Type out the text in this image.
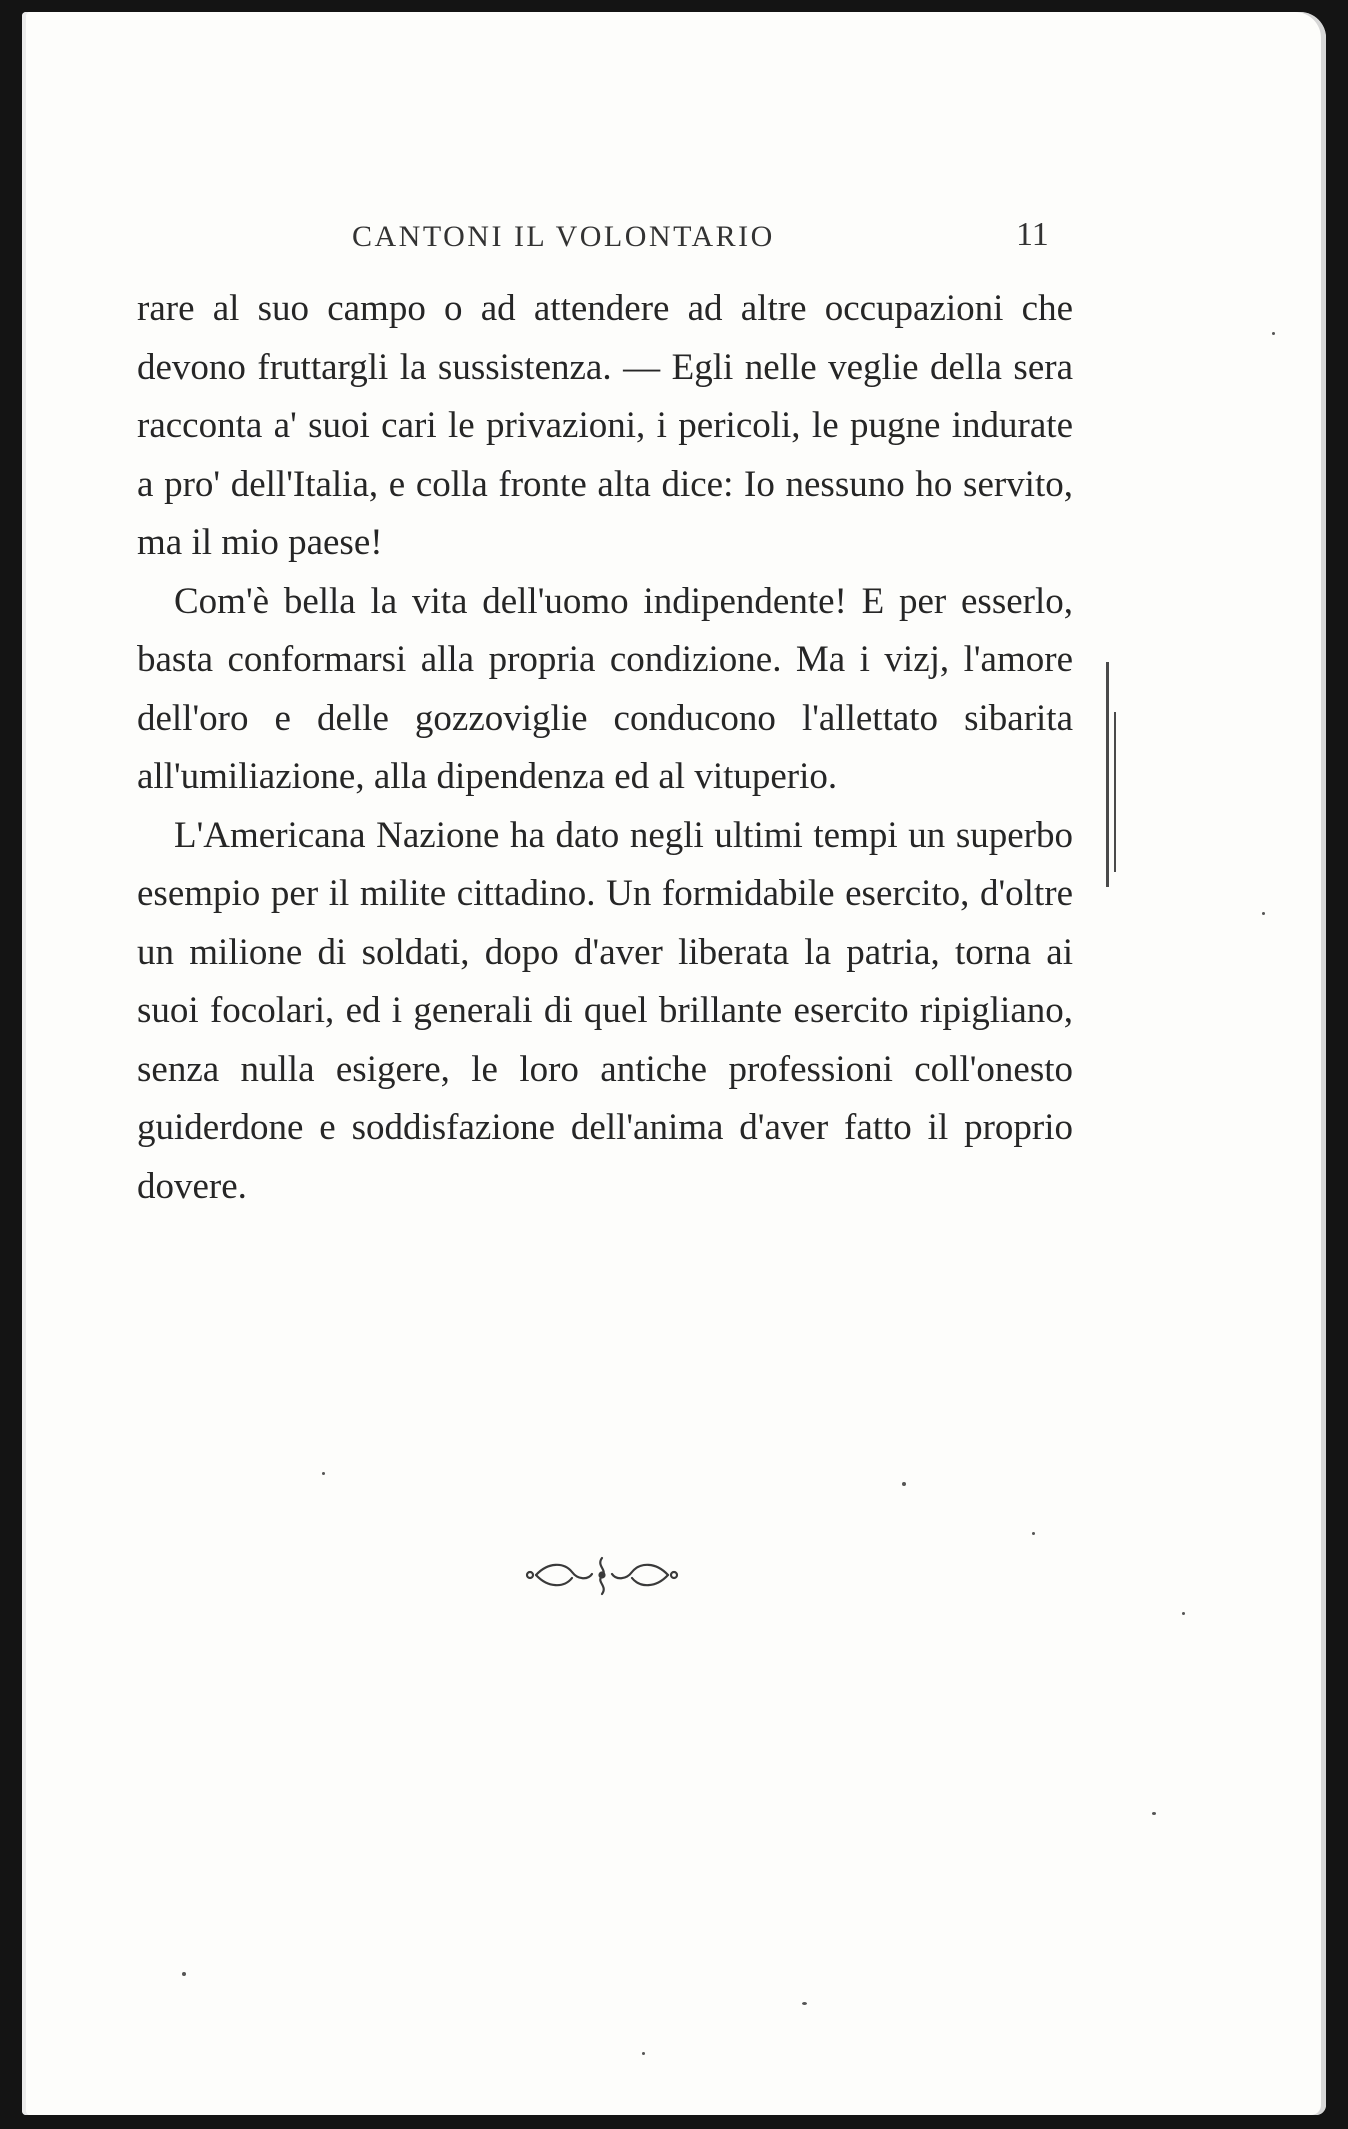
CANTONI IL VOLONTARIO	11

rare al suo campo o ad attendere ad altre occupazioni che devono fruttargli la sussistenza. — Egli nelle veglie della sera racconta a' suoi cari le privazioni, i pericoli, le pugne indurate a pro' dell'Italia, e colla fronte alta dice: Io nessuno ho servito, ma il mio paese!

Com'è bella la vita dell'uomo indipendente! E per esserlo, basta conformarsi alla propria condizione. Ma i vizj, l'amore dell'oro e delle gozzoviglie conducono l'allettato sibarita all'umiliazione, alla dipendenza ed al vituperio.

L'Americana Nazione ha dato negli ultimi tempi un superbo esempio per il milite cittadino. Un formidabile esercito, d'oltre un milione di soldati, dopo d'aver liberata la patria, torna ai suoi focolari, ed i generali di quel brillante esercito ripigliano, senza nulla esigere, le loro antiche professioni coll'onesto guiderdone e soddisfazione dell'anima d'aver fatto il proprio dovere.
